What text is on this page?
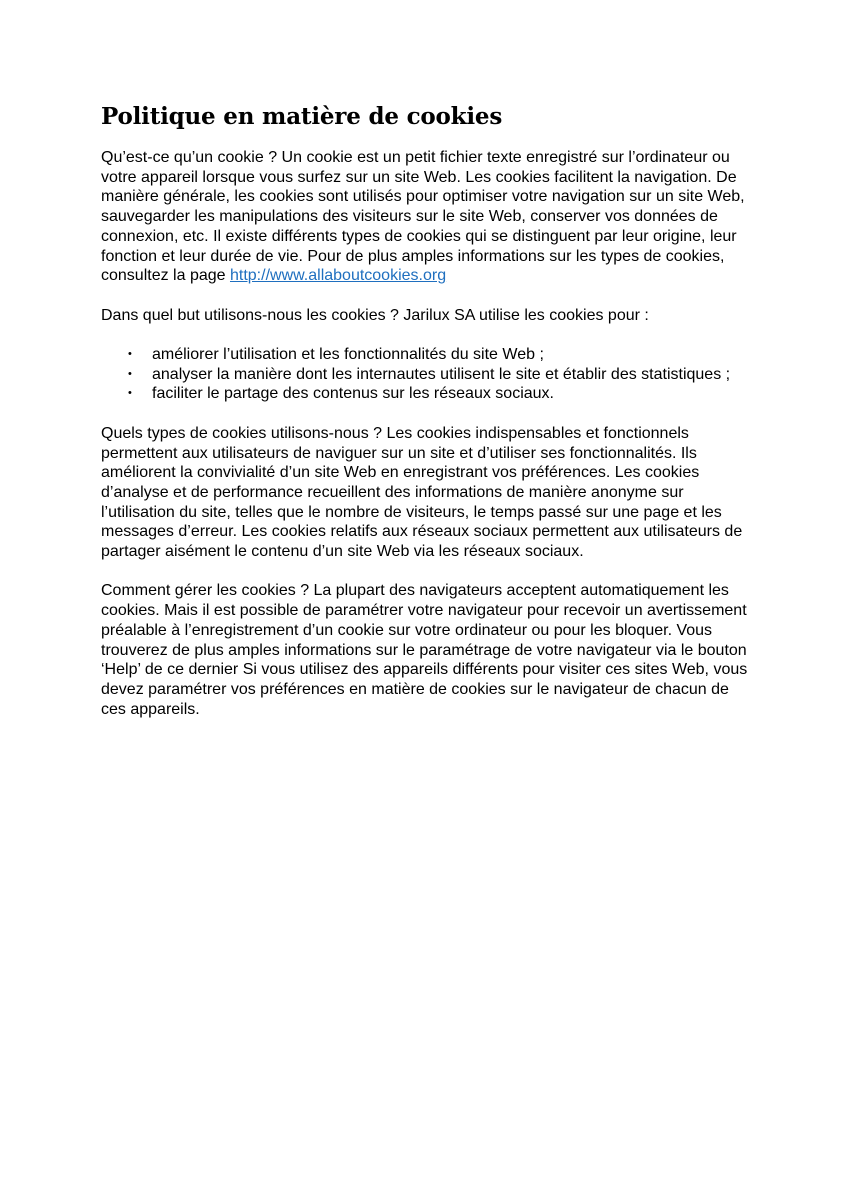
Politique en matière de cookies

Qu’est-ce qu’un cookie ? Un cookie est un petit fichier texte enregistré sur l’ordinateur ou votre appareil lorsque vous surfez sur un site Web. Les cookies facilitent la navigation. De manière générale, les cookies sont utilisés pour optimiser votre navigation sur un site Web, sauvegarder les manipulations des visiteurs sur le site Web, conserver vos données de connexion, etc. Il existe différents types de cookies qui se distinguent par leur origine, leur fonction et leur durée de vie. Pour de plus amples informations sur les types de cookies, consultez la page http://www.allaboutcookies.org

Dans quel but utilisons-nous les cookies ? Jarilux SA utilise les cookies pour :

• améliorer l’utilisation et les fonctionnalités du site Web ;
• analyser la manière dont les internautes utilisent le site et établir des statistiques ;
• faciliter le partage des contenus sur les réseaux sociaux.

Quels types de cookies utilisons-nous ? Les cookies indispensables et fonctionnels permettent aux utilisateurs de naviguer sur un site et d’utiliser ses fonctionnalités. Ils améliorent la convivialité d’un site Web en enregistrant vos préférences. Les cookies d’analyse et de performance recueillent des informations de manière anonyme sur l’utilisation du site, telles que le nombre de visiteurs, le temps passé sur une page et les messages d’erreur. Les cookies relatifs aux réseaux sociaux permettent aux utilisateurs de partager aisément le contenu d’un site Web via les réseaux sociaux.

Comment gérer les cookies ? La plupart des navigateurs acceptent automatiquement les cookies. Mais il est possible de paramétrer votre navigateur pour recevoir un avertissement préalable à l’enregistrement d’un cookie sur votre ordinateur ou pour les bloquer. Vous trouverez de plus amples informations sur le paramétrage de votre navigateur via le bouton ‘Help’ de ce dernier Si vous utilisez des appareils différents pour visiter ces sites Web, vous devez paramétrer vos préférences en matière de cookies sur le navigateur de chacun de ces appareils.
